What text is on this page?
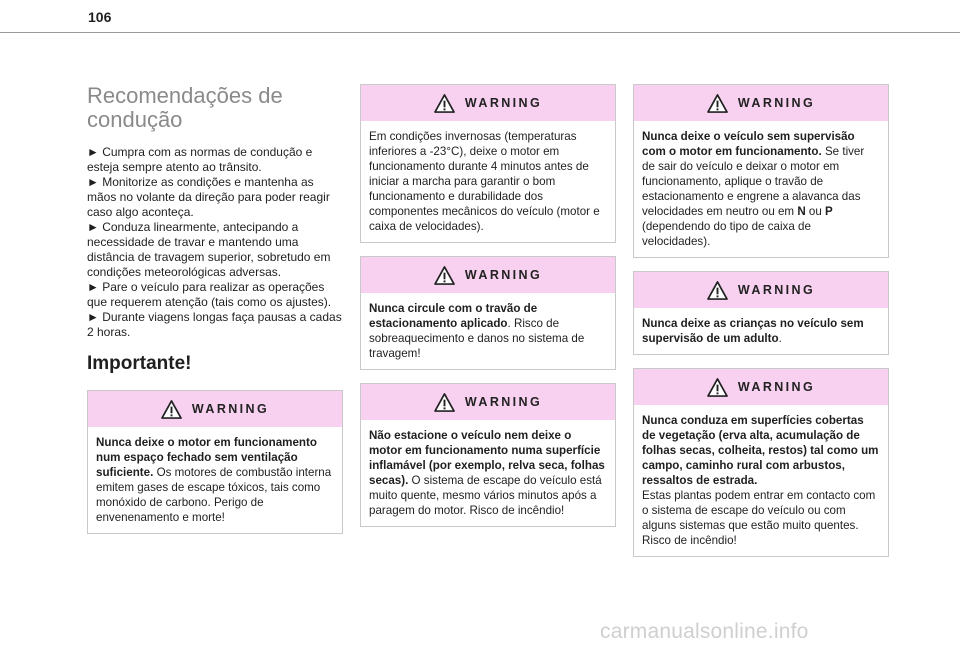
106
Recomendações de
condução

► Cumpra com as normas de condução e esteja sempre atento ao trânsito.

► Monitorize as condições e mantenha as mãos no volante da direção para poder reagir caso algo aconteça.

► Conduza linearmente, antecipando a necessidade de travar e mantendo uma distância de travagem superior, sobretudo em condições meteorológicas adversas.

► Pare o veículo para realizar as operações que requerem atenção (tais como os ajustes).

► Durante viagens longas faça pausas a cadas 2 horas.

Importante!
WARNING
Nunca deixe o motor em funcionamento num espaço fechado sem ventilação suficiente. Os motores de combustão interna emitem gases de escape tóxicos, tais como monóxido de carbono. Perigo de envenenamento e morte!
WARNING
Em condições invernosas (temperaturas inferiores a -23°C), deixe o motor em funcionamento durante 4 minutos antes de iniciar a marcha para garantir o bom funcionamento e durabilidade dos componentes mecânicos do veículo (motor e caixa de velocidades).
WARNING
Nunca circule com o travão de estacionamento aplicado. Risco de sobreaquecimento e danos no sistema de travagem!
WARNING
Não estacione o veículo nem deixe o motor em funcionamento numa superfície inflamável (por exemplo, relva seca, folhas secas). O sistema de escape do veículo está muito quente, mesmo vários minutos após a paragem do motor. Risco de incêndio!
WARNING
Nunca deixe o veículo sem supervisão com o motor em funcionamento. Se tiver de sair do veículo e deixar o motor em funcionamento, aplique o travão de estacionamento e engrene a alavanca das velocidades em neutro ou em N ou P (dependendo do tipo de caixa de velocidades).
WARNING
Nunca deixe as crianças no veículo sem supervisão de um adulto.
WARNING
Nunca conduza em superfícies cobertas de vegetação (erva alta, acumulação de folhas secas, colheita, restos) tal como um campo, caminho rural com arbustos, ressaltos de estrada.
Estas plantas podem entrar em contacto com o sistema de escape do veículo ou com alguns sistemas que estão muito quentes. Risco de incêndio!
carmanualsonline.info
